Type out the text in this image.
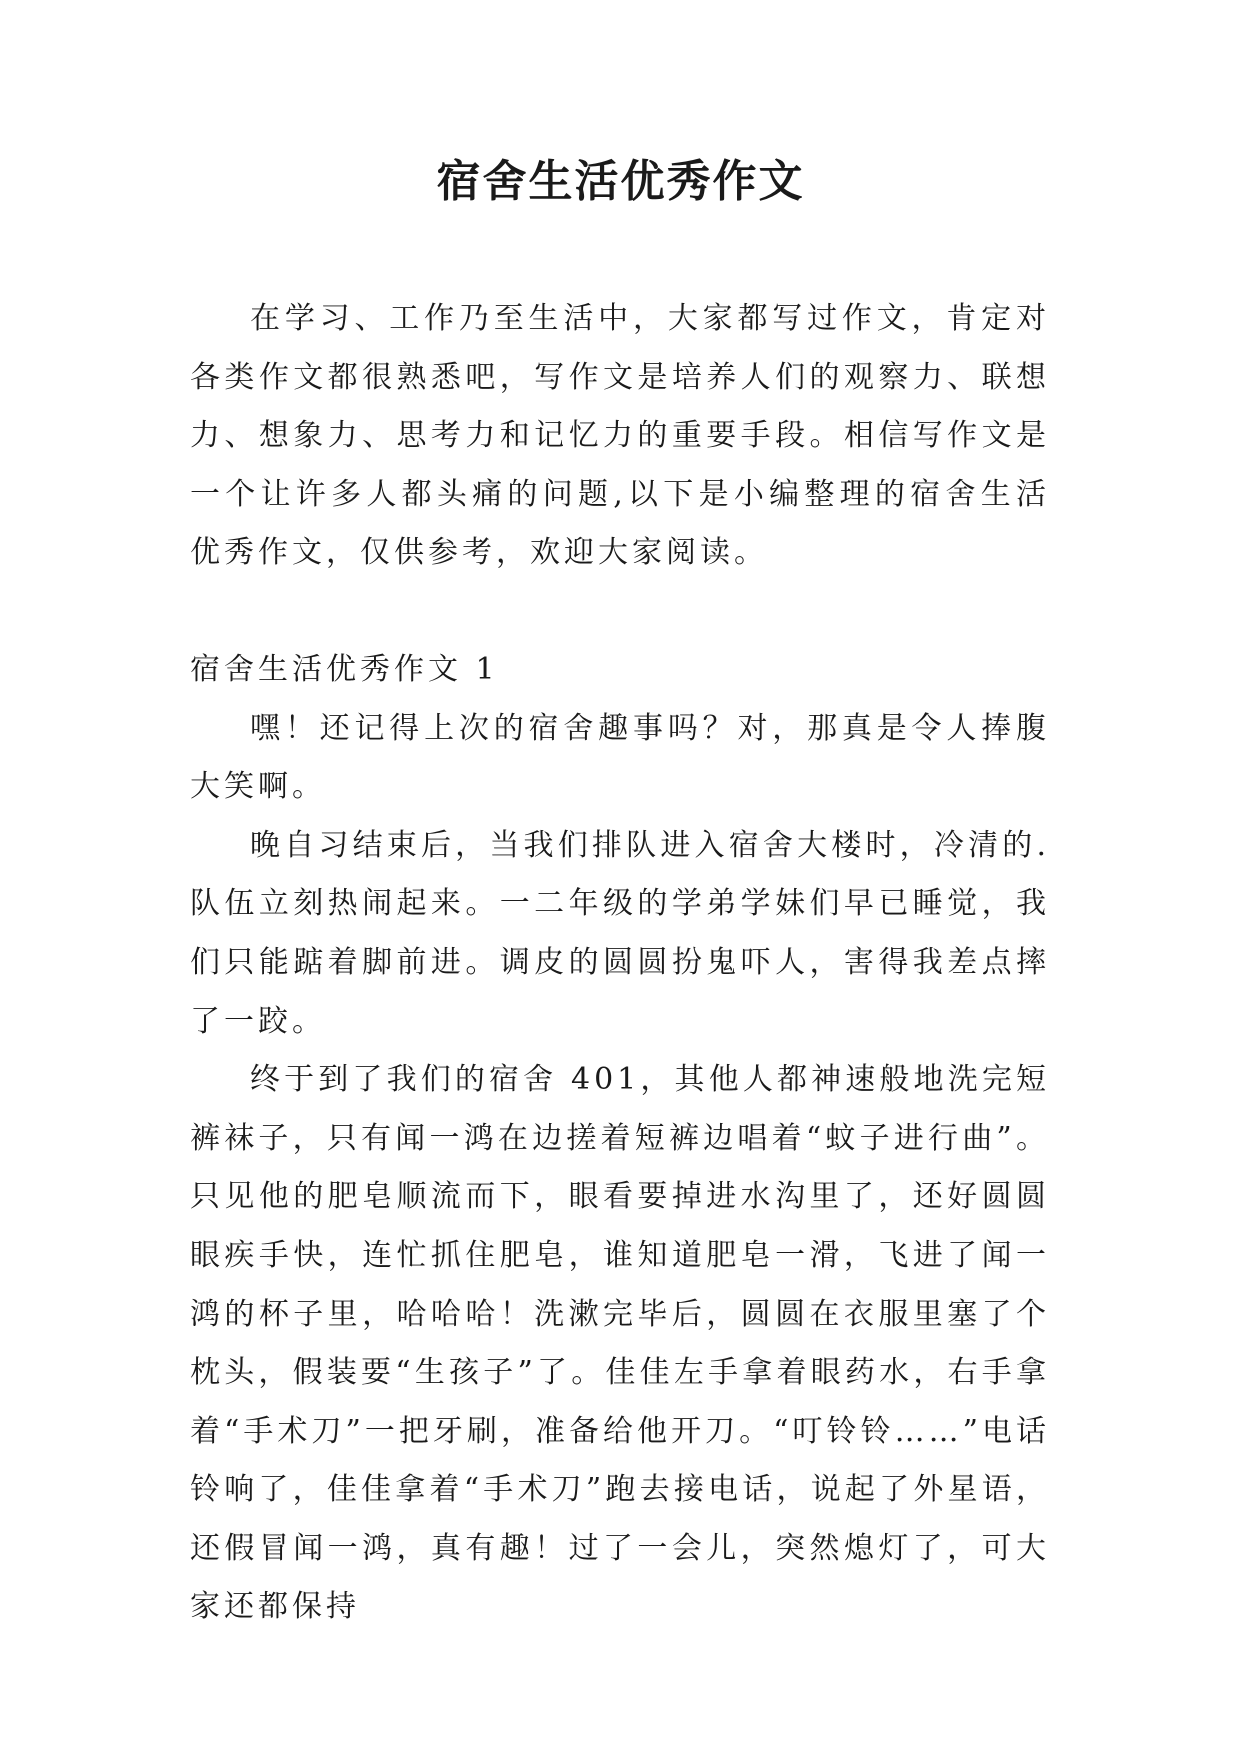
宿舍生活优秀作文

在学习、工作乃至生活中，大家都写过作文，肯定对各类作文都很熟悉吧，写作文是培养人们的观察力、联想力、想象力、思考力和记忆力的重要手段。相信写作文是一个让许多人都头痛的问题,以下是小编整理的宿舍生活优秀作文，仅供参考，欢迎大家阅读。

宿舍生活优秀作文 1

嘿！还记得上次的宿舍趣事吗？对，那真是令人捧腹大笑啊。

晚自习结束后，当我们排队进入宿舍大楼时，冷清的.队伍立刻热闹起来。一二年级的学弟学妹们早已睡觉，我们只能踮着脚前进。调皮的圆圆扮鬼吓人，害得我差点摔了一跤。

终于到了我们的宿舍 401，其他人都神速般地洗完短裤袜子，只有闻一鸿在边搓着短裤边唱着“蚊子进行曲”。只见他的肥皂顺流而下，眼看要掉进水沟里了，还好圆圆眼疾手快，连忙抓住肥皂，谁知道肥皂一滑，飞进了闻一鸿的杯子里，哈哈哈！洗漱完毕后，圆圆在衣服里塞了个枕头，假装要“生孩子”了。佳佳左手拿着眼药水，右手拿着“手术刀”一把牙刷，准备给他开刀。“叮铃铃……”电话铃响了，佳佳拿着“手术刀”跑去接电话，说起了外星语，还假冒闻一鸿，真有趣！过了一会儿，突然熄灯了，可大家还都保持
